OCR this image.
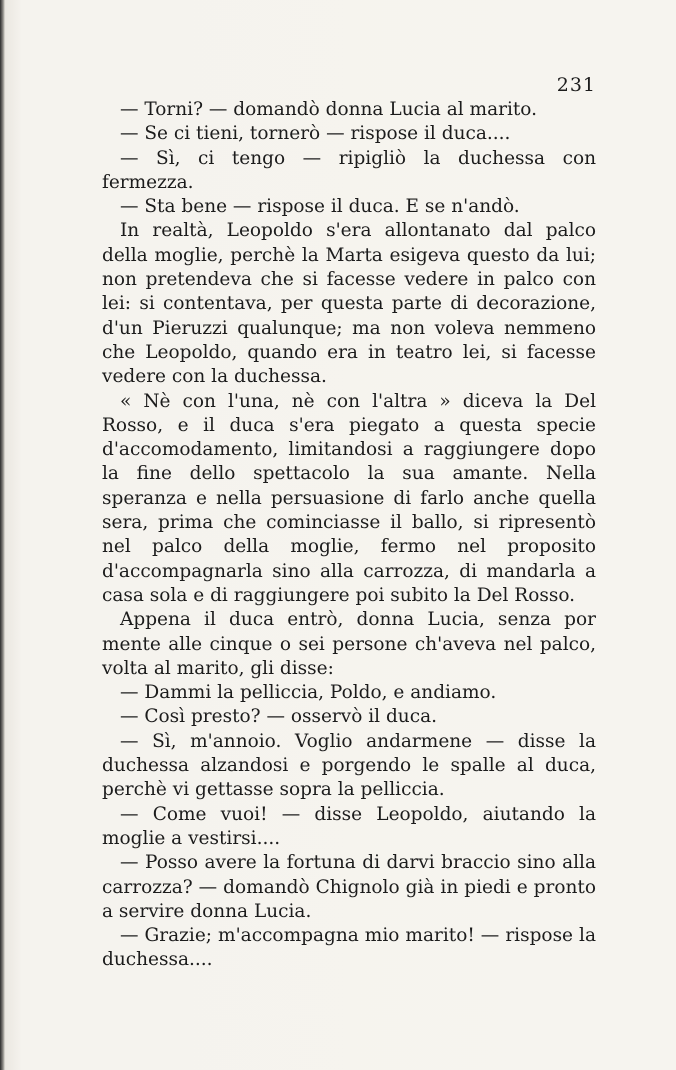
231

— Torni? — domandò donna Lucia al marito.

— Se ci tieni, tornerò — rispose il duca....

— Sì, ci tengo — ripigliò la duchessa con fermezza.

— Sta bene — rispose il duca. E se n'andò.

In realtà, Leopoldo s'era allontanato dal palco della moglie, perchè la Marta esigeva questo da lui; non pretendeva che si facesse vedere in palco con lei: si contentava, per questa parte di decorazione, d'un Pieruzzi qualunque; ma non voleva nemmeno che Leopoldo, quando era in teatro lei, si facesse vedere con la duchessa.

« Nè con l'una, nè con l'altra » diceva la Del Rosso, e il duca s'era piegato a questa specie d'accomodamento, limitandosi a raggiungere dopo la fine dello spettacolo la sua amante. Nella speranza e nella persuasione di farlo anche quella sera, prima che cominciasse il ballo, si ripresentò nel palco della moglie, fermo nel proposito d'accompagnarla sino alla carrozza, di mandarla a casa sola e di raggiungere poi subito la Del Rosso.

Appena il duca entrò, donna Lucia, senza por mente alle cinque o sei persone ch'aveva nel palco, volta al marito, gli disse:

— Dammi la pelliccia, Poldo, e andiamo.

— Così presto? — osservò il duca.

— Sì, m'annoio. Voglio andarmene — disse la duchessa alzandosi e porgendo le spalle al duca, perchè vi gettasse sopra la pelliccia.

— Come vuoi! — disse Leopoldo, aiutando la moglie a vestirsi....

— Posso avere la fortuna di darvi braccio sino alla carrozza? — domandò Chignolo già in piedi e pronto a servire donna Lucia.

— Grazie; m'accompagna mio marito! — rispose la duchessa....
